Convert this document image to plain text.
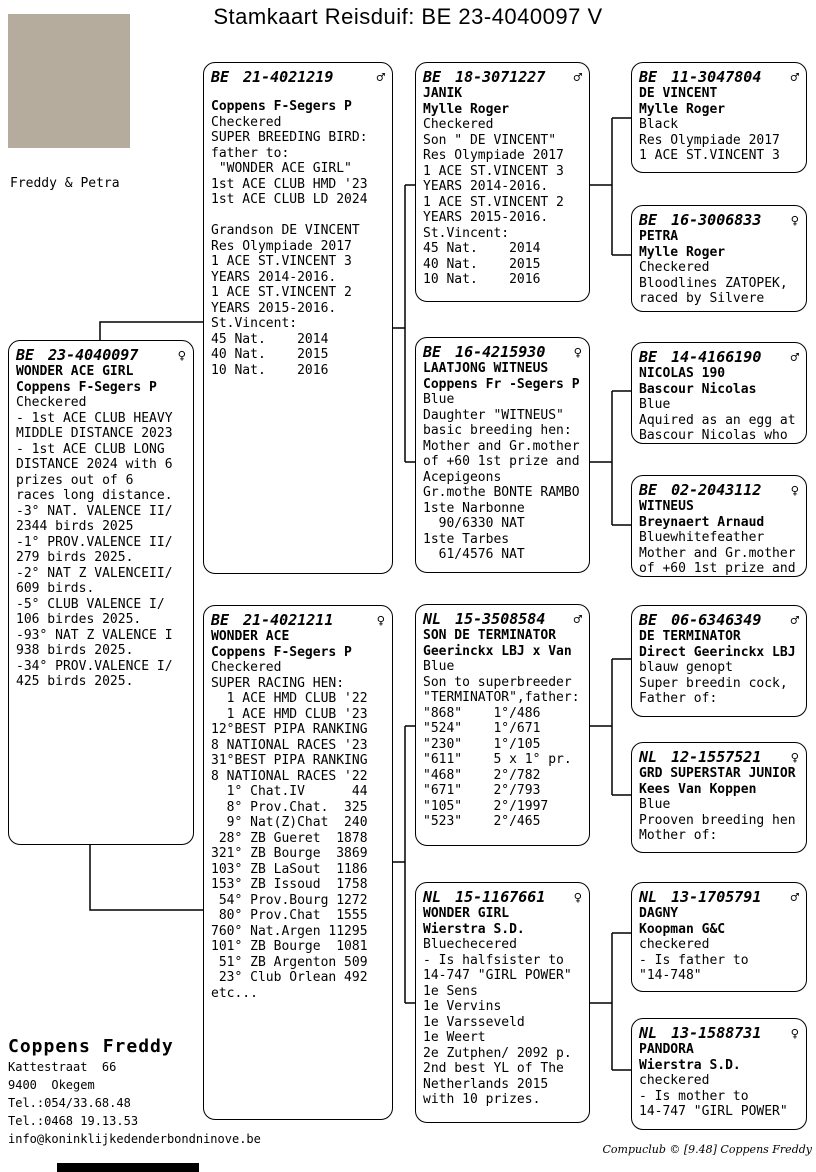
Stamkaart Reisduif: BE 23-4040097 V
Freddy & Petra
BE 23-4040097	♀
WONDER ACE GIRL
Coppens F-Segers P
Checkered
- 1st ACE CLUB HEAVY
MIDDLE DISTANCE 2023
- 1st ACE CLUB LONG
DISTANCE 2024 with 6
prizes out of 6
races long distance.
-3° NAT. VALENCE II/
2344 birds 2025
-1° PROV.VALENCE II/
279 birds 2025.
-2° NAT Z VALENCEII/
609 birds.
-5° CLUB VALENCE I/
106 birdes 2025.
-93° NAT Z VALENCE I
938 birds 2025.
-34° PROV.VALENCE I/
425 birds 2025.
BE 21-4021219	♂
Coppens F-Segers P
Checkered
SUPER BREEDING BIRD:
father to:
"WONDER ACE GIRL"
1st ACE CLUB HMD '23
1st ACE CLUB LD 2024
Grandson DE VINCENT
Res Olympiade 2017
1 ACE ST.VINCENT 3
YEARS 2014-2016.
1 ACE ST.VINCENT 2
YEARS 2015-2016.
St.Vincent:
45 Nat.    2014
40 Nat.    2015
10 Nat.    2016
BE 21-4021211	♀
WONDER ACE
Coppens F-Segers P
Checkered
SUPER RACING HEN:
1 ACE HMD CLUB '22
1 ACE HMD CLUB '23
12°BEST PIPA RANKING
8 NATIONAL RACES '23
31°BEST PIPA RANKING
8 NATIONAL RACES '22
1° Chat.IV      44
8° Prov.Chat.  325
9° Nat(Z)Chat  240
28° ZB Gueret  1878
321° ZB Bourge  3869
103° ZB LaSout  1186
153° ZB Issoud  1758
54° Prov.Bourg 1272
80° Prov.Chat  1555
760° Nat.Argen 11295
101° ZB Bourge  1081
51° ZB Argenton 509
23° Club Orlean 492
etc...
BE 18-3071227 ♂
JANIK
Mylle Roger
Checkered
Son " DE VINCENT"
Res Olympiade 2017
1 ACE ST.VINCENT 3
YEARS 2014-2016.
1 ACE ST.VINCENT 2
YEARS 2015-2016.
St.Vincent:
45 Nat.    2014
40 Nat.    2015
10 Nat.    2016
BE 16-4215930 ♀
LAATJONG WITNEUS
Coppens Fr -Segers P
Blue
Daughter "WITNEUS"
basic breeding hen:
Mother and Gr.mother
of +60 1st prize and
Acepigeons
Gr.mothe BONTE RAMBO
1ste Narbonne
90/6330 NAT
1ste Tarbes
61/4576 NAT
NL 15-3508584 ♂
SON DE TERMINATOR
Geerinckx LBJ x Van
Blue
Son to superbreeder
"TERMINATOR",father:
"868"    1°/486
"524"    1°/671
"230"    1°/105
"611"    5 x 1° pr.
"468"    2°/782
"671"    2°/793
"105"    2°/1997
"523"    2°/465
NL 15-1167661 ♀
WONDER GIRL
Wierstra S.D.
Bluechecered
- Is halfsister to
14-747 "GIRL POWER"
1e Sens
1e Vervins
1e Varsseveld
1e Weert
2e Zutphen/ 2092 p.
2nd best YL of The
Netherlands 2015
with 10 prizes.
BE 11-3047804 ♂
DE VINCENT
Mylle Roger
Black
Res Olympiade 2017
1 ACE ST.VINCENT 3
BE 16-3006833 ♀
PETRA
Mylle Roger
Checkered
Bloodlines ZATOPEK,
raced by Silvere
BE 14-4166190 ♂
NICOLAS 190
Bascour Nicolas
Blue
Aquired as an egg at
Bascour Nicolas who
BE 02-2043112 ♀
WITNEUS
Breynaert Arnaud
Bluewhitefeather
Mother and Gr.mother
of +60 1st prize and
BE 06-6346349 ♂
DE TERMINATOR
Direct Geerinckx LBJ
blauw genopt
Super breedin cock,
Father of:
NL 12-1557521 ♀
GRD SUPERSTAR JUNIOR
Kees Van Koppen
Blue
Prooven breeding hen
Mother of:
NL 13-1705791 ♂
DAGNY
Koopman G&C
checkered
- Is father to
"14-748"
NL 13-1588731 ♀
PANDORA
Wierstra S.D.
checkered
- Is mother to
14-747 "GIRL POWER"
Coppens Freddy
Kattestraat  66
9400  Okegem
Tel.:054/33.68.48
Tel.:0468 19.13.53
info@koninklijkedenderbondninove.be
Compuclub © [9.48] Coppens Freddy
